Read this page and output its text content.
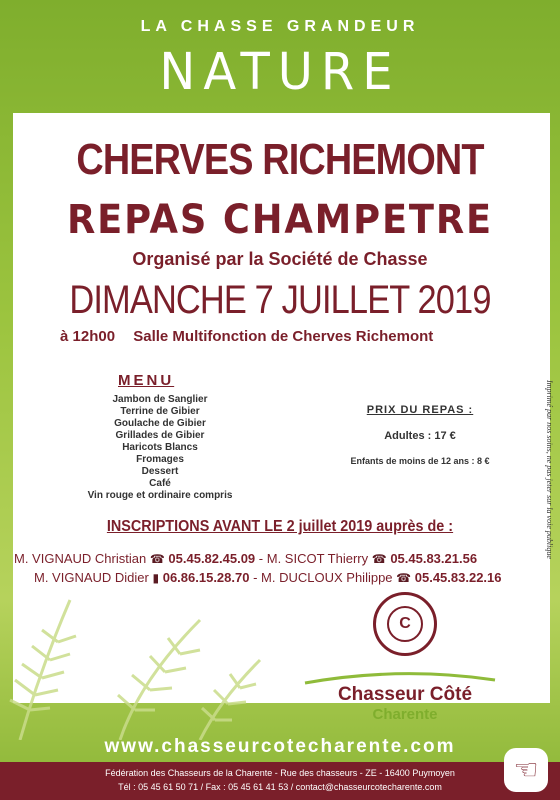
LA CHASSE GRANDEUR
NATURE
CHERVES RICHEMONT
REPAS CHAMPETRE
Organisé par la Société de Chasse
DIMANCHE 7 JUILLET 2019
à 12h00 Salle Multifonction de Cherves Richemont
MENU
Jambon de Sanglier
Terrine de Gibier
Goulache de Gibier
Grillades de Gibier
Haricots Blancs
Fromages
Dessert
Café
Vin rouge et ordinaire compris
PRIX DU REPAS :
Adultes : 17 €
Enfants de moins de 12 ans : 8 €
INSCRIPTIONS AVANT LE 2 juillet 2019 auprès de :
M. VIGNAUD Christian ☎ 05.45.82.45.09 - M. SICOT Thierry ☎ 05.45.83.21.56
M. VIGNAUD Didier ▮ 06.86.15.28.70 - M. DUCLOUX Philippe ☎ 05.45.83.22.16
C
Chasseur Côté
Charente
Imprimé par nos soins, ne pas jeter sur la voie publique
www.chasseurcotecharente.com
Fédération des Chasseurs de la Charente - Rue des chasseurs - ZE - 16400 Puymoyen
Tél : 05 45 61 50 71 / Fax : 05 45 61 41 53 / contact@chasseurcotecharente.com
☜
